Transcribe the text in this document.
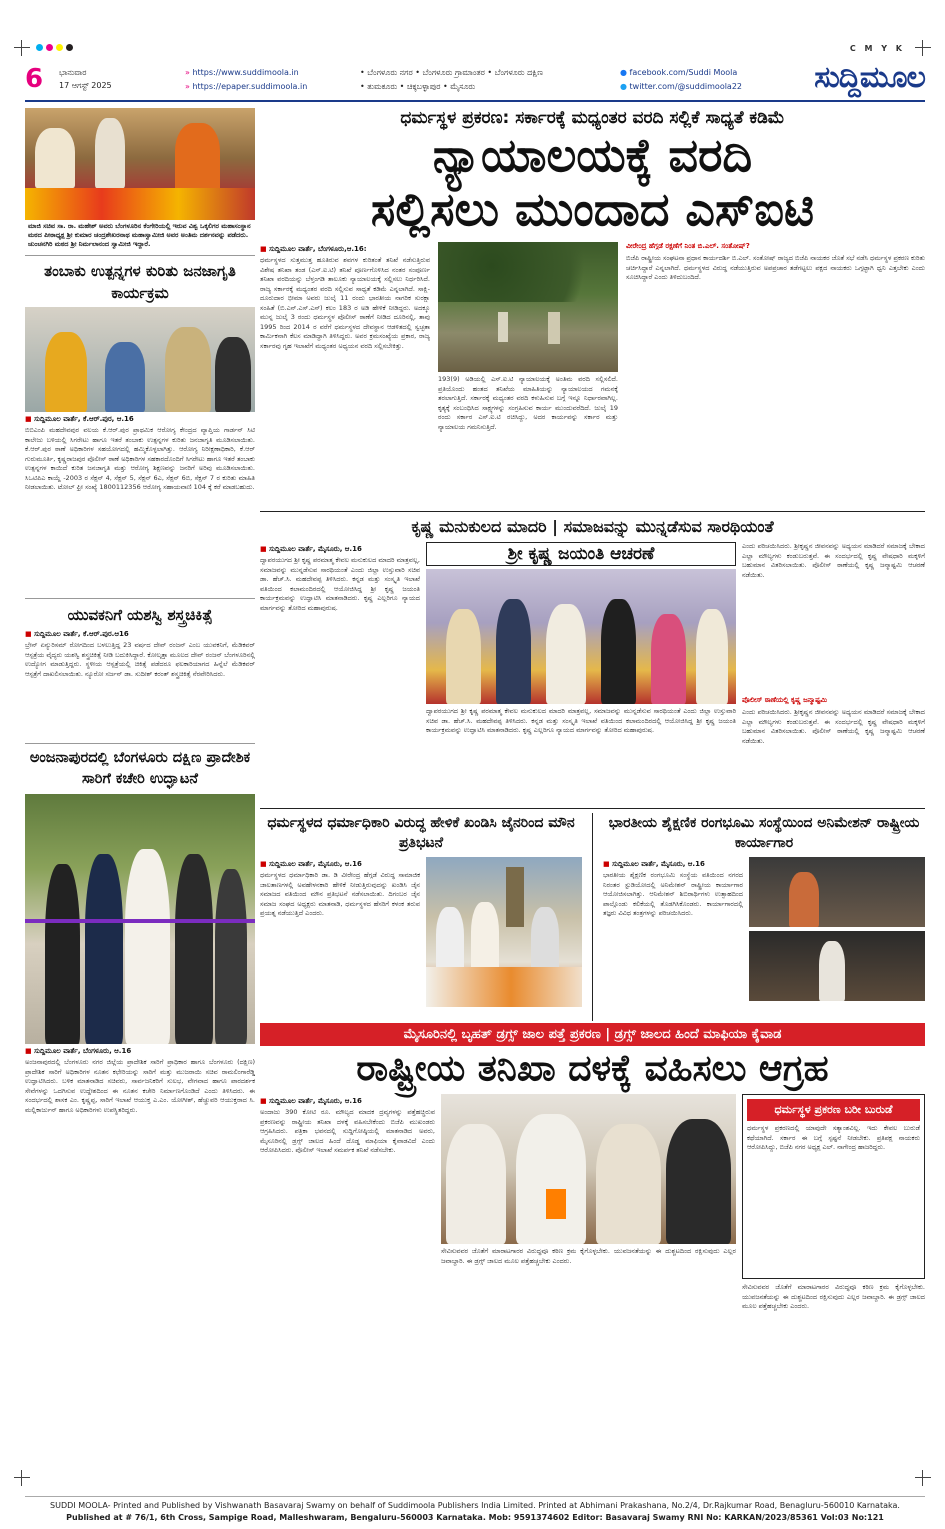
C M Y K
6 ಭಾನುವಾರ
17 ಆಗಸ್ಟ್ 2025
» https://www.suddimoola.in
» https://epaper.suddimoola.in
• ಬೆಂಗಳೂರು ನಗರ • ಬೆಂಗಳೂರು ಗ್ರಾಮಾಂತರ • ಬೆಂಗಳೂರು ದಕ್ಷಿಣ
• ತುಮಕೂರು • ಚಿಕ್ಕಬಳ್ಳಾಪುರ • ಮೈಸೂರು
● facebook.com/Suddi Moola
● twitter.com/@suddimoola22 ಸುದ್ದಿಮೂಲ
ಮಾಜಿ ಸಚಿವ ಸಾ. ರಾ. ಮಹೇಶ್ ಅವರು ಬೆಂಗಳೂರಿನ ಕೆಂಗೇರಿಯಲ್ಲಿ ಇರುವ ವಿಶ್ವ ಒಕ್ಕಲಿಗರ ಮಹಾಸಂಸ್ಥಾನ ಮಠದ ಪೀಠಾಧ್ಯಕ್ಷ ಶ್ರೀ ಕುಮಾರ ಚಂದ್ರಶೇಖರನಾಥ ಮಹಾಸ್ವಾಮೀಜಿ ಅವರ ಅಂತಿಮ ದರ್ಶನವನ್ನು ಪಡೆದರು. ಚುಂಚನಗಿರಿ ಮಠದ ಶ್ರೀ ನಿರ್ಮಲಾನಂದ ಸ್ವಾಮೀಜಿ ಇದ್ದಾರೆ.
ತಂಬಾಕು ಉತ್ಪನ್ನಗಳ ಕುರಿತು ಜನಜಾಗೃತಿ ಕಾರ್ಯಕ್ರಮ
■ ಸುದ್ದಿಮೂಲ ವಾರ್ತೆ, ಕೆ.ಆರ್.ಪುರ, ಆ.16
ಬಿಬಿಎಂಪಿ ಮಹದೇವಪುರ ವಲಯ ಕೆ.ಆರ್.ಪುರ ಪ್ರಾಥಮಿಕ ಆರೋಗ್ಯ ಕೇಂದ್ರದ ವ್ಯಾಪ್ತಿಯ ಗಾರ್ಡನ್ ಸಿಟಿ ಕಾಲೇಜು ಬಳಿಯಲ್ಲಿ ಸಿಗರೇಟು ಹಾಗೂ ಇತರೆ ತಂಬಾಕು ಉತ್ಪನ್ನಗಳ ಕುರಿತು ಜನಜಾಗೃತಿ ಮೂಡಿಸಲಾಯಿತು. ಕೆ.ಆರ್.ಪುರ ಠಾಣೆ ಅಧಿಕಾರಿಗಳ ಸಹಯೋಗದಲ್ಲಿ ಹಮ್ಮಿಕೊಳ್ಳಲಾಗಿತ್ತು. ಆರೋಗ್ಯ ನಿರೀಕ್ಷಣಾಧಿಕಾರಿ, ಕೆ.ಆರ್ ಗುರುಮೂರ್ತಿ, ಕೃಷ್ಣರಾಜಪುರ ಪೊಲೀಸ್ ಠಾಣೆ ಅಧಿಕಾರಿಗಳ ಸಹಕಾರದೊಂದಿಗೆ ಸಿಗರೇಟು ಹಾಗೂ ಇತರೆ ತಂಬಾಕು ಉತ್ಪನ್ನಗಳ ಕಾಯಿದೆ ಕುರಿತ ಜನಜಾಗೃತಿ ಮತ್ತು ಆರೋಗ್ಯ ಶಿಕ್ಷಣವನ್ನು ಜನರಿಗೆ ಅರಿವು ಮೂಡಿಸಲಾಯಿತು. ಸಿಒಟಿಪಿಎ ಕಾಯ್ದೆ -2003 ರ ಸೆಕ್ಷನ್ 4, ಸೆಕ್ಷನ್ 5, ಸೆಕ್ಷನ್ 6ಎ, ಸೆಕ್ಷನ್ 6ಬಿ, ಸೆಕ್ಷನ್ 7 ರ ಕುರಿತು ಮಾಹಿತಿ ನೀಡಲಾಯಿತು. ಟೋಲ್ ಫ್ರೀ ಸಂಖ್ಯೆ 1800112356 ಆರೋಗ್ಯ ಸಹಾಯವಾಣಿ 104 ಕ್ಕೆ ಕರೆ ಮಾಡಬಹುದು.
ಯುವಕನಿಗೆ ಯಶಸ್ವಿ ಶಸ್ತ್ರಚಿಕಿತ್ಸೆ
■ ಸುದ್ದಿಮೂಲ ವಾರ್ತೆ, ಕೆ.ಆರ್.ಪುರ.ಆ16
ಬ್ರೇನ್ ಏನ್ಯುರಿಸಮ್ ರೋಗದಿಂದ ಬಳಲುತ್ತಿದ್ದ 23 ವರ್ಷದ ದೇವ್ ರಂಜನ್ ಎಂಬ ಯುವಕನಿಗೆ, ಮೆಡಿಕವರ್ ಆಸ್ಪತ್ರೆಯ ವೈದ್ಯರು ಯಶಸ್ವಿ ಶಸ್ತ್ರಚಿಕಿತ್ಸೆ ನೀಡಿ ಬದುಕಿಸಿದ್ದಾರೆ. ಕೋಲ್ಕತ್ತಾ ಮೂಲದ ದೇವ್ ರಂಜನ್ ಬೆಂಗಳೂರಿನಲ್ಲಿ ಉದ್ಯೋಗ ಮಾಡುತ್ತಿದ್ದರು. ಸ್ಥಳೀಯ ಆಸ್ಪತ್ರೆಯಲ್ಲಿ ಚಿಕಿತ್ಸೆ ಪಡೆದರೂ ಫಲಕಾರಿಯಾಗದ ಹಿನ್ನೆಲೆ ಮೆಡಿಕವರ್ ಆಸ್ಪತ್ರೆಗೆ ದಾಖಲಿಸಲಾಯಿತು. ನ್ಯೂರೋ ಸರ್ಜನ್ ಡಾ. ಸುದೀಶ್ ಕರಂತ್ ಶಸ್ತ್ರಚಿಕಿತ್ಸೆ ನೆರವೇರಿಸಿದರು.
ಅಂಜನಾಪುರದಲ್ಲಿ ಬೆಂಗಳೂರು ದಕ್ಷಿಣ ಪ್ರಾದೇಶಿಕ ಸಾರಿಗೆ ಕಚೇರಿ ಉದ್ಘಾಟನೆ
■ ಸುದ್ದಿಮೂಲ ವಾರ್ತೆ, ಬೆಂಗಳೂರು, ಆ.16
ಅಂಜನಾಪುರದಲ್ಲಿ ಬೆಂಗಳೂರು ನಗರ ಜಿಲ್ಲೆಯ ಪ್ರಾದೇಶಿಕ ಸಾರಿಗೆ ಪ್ರಾಧಿಕಾರ ಹಾಗೂ ಬೆಂಗಳೂರು (ದಕ್ಷಿಣ) ಪ್ರಾದೇಶಿಕ ಸಾರಿಗೆ ಅಧಿಕಾರಿಗಳ ನೂತನ ಕಛೇರಿಯನ್ನು ಸಾರಿಗೆ ಮತ್ತು ಮುಜರಾಯಿ ಸಚಿವ ರಾಮಲಿಂಗಾರೆಡ್ಡಿ ಉದ್ಘಾಟಿಸಿದರು. ಬಳಿಕ ಮಾತನಾಡಿದ ಸಚಿವರು, ಸಾರ್ವಜನಿಕರಿಗೆ ಸುಲಭ, ವೇಗವಾದ ಹಾಗೂ ಪಾರದರ್ಶಕ ಸೇವೆಗಳನ್ನು ಒದಗಿಸುವ ಉದ್ದೇಶದಿಂದ ಈ ನೂತನ ಕಚೇರಿ ನಿರ್ಮಾಣಗೊಂಡಿದೆ ಎಂದು ತಿಳಿಸಿದರು. ಈ ಸಂದರ್ಭದಲ್ಲಿ ಶಾಸಕ ಎಂ. ಕೃಷ್ಣಪ್ಪ, ಸಾರಿಗೆ ಇಲಾಖೆ ಆಯುಕ್ತ ಎ.ಎಂ. ಯೋಗೀಶ್, ಹೆಚ್ಚುವರಿ ಆಯುಕ್ತರಾದ ಸಿ. ಮಲ್ಲಿಕಾರ್ಜುನ್ ಹಾಗೂ ಅಧಿಕಾರಿಗಳು ಉಪಸ್ಥಿತರಿದ್ದರು.
ಧರ್ಮಸ್ಥಳ ಪ್ರಕರಣ: ಸರ್ಕಾರಕ್ಕೆ ಮಧ್ಯಂತರ ವರದಿ ಸಲ್ಲಿಕೆ ಸಾಧ್ಯತೆ ಕಡಿಮೆ
ನ್ಯಾಯಾಲಯಕ್ಕೆ ವರದಿ
ಸಲ್ಲಿಸಲು ಮುಂದಾದ ಎಸ್‌ಐಟಿ
■ ಸುದ್ದಿಮೂಲ ವಾರ್ತೆ, ಬೆಂಗಳೂರು,ಆ.16:
ಧರ್ಮಸ್ಥಳದ ಸುತ್ತಮುತ್ತ ಹೂತಿರುವ ಶವಗಳ ಕುರಿತಂತೆ ತನಿಖೆ ನಡೆಸುತ್ತಿರುವ ವಿಶೇಷ ತನಿಖಾ ತಂಡ (ಎಸ್.ಐ.ಟಿ) ತನಿಖೆ ಪೂರ್ಣಗೊಳಿಸಿದ ನಂತರ ಸಂಪೂರ್ಣ ತನಿಖಾ ವರದಿಯನ್ನು ಬೆಳ್ತಂಗಡಿ ತಾಲೂಕು ನ್ಯಾಯಾಲಯಕ್ಕೆ ಸಲ್ಲಿಸಲು ನಿರ್ಧರಿಸಿದೆ. ರಾಜ್ಯ ಸರ್ಕಾರಕ್ಕೆ ಮಧ್ಯಂತರ ವರದಿ ಸಲ್ಲಿಸುವ ಸಾಧ್ಯತೆ ಕಡಿಮೆ ಎನ್ನಲಾಗಿದೆ. ಸಾಕ್ಷಿ-ದೂರುದಾರ ಭೀಮಾ ಅವರು ಜುಲೈ 11 ರಂದು ಭಾರತೀಯ ನಾಗರಿಕ ಸುರಕ್ಷಾ ಸಂಹಿತೆ (ಬಿ.ಎನ್.ಎಸ್.ಎಸ್) ಕಲಂ 183 ರ ಅಡಿ ಹೇಳಿಕೆ ನೀಡಿದ್ದರು. ಅದಕ್ಕೂ ಮುನ್ನ ಜುಲೈ 3 ರಂದು ಧರ್ಮಸ್ಥಳ ಪೊಲೀಸ್ ಠಾಣೆಗೆ ನೀಡಿದ ದೂರಿನಲ್ಲಿ, ತಾವು 1995 ರಿಂದ 2014 ರ ವರೆಗೆ ಧರ್ಮಸ್ಥಳದ ದೇವಸ್ಥಾನ ಆಡಳಿತದಲ್ಲಿ ಸ್ವಚ್ಛತಾ ಕಾರ್ಮಿಕನಾಗಿ ಕೆಲಸ ಮಾಡಿದ್ದಾಗಿ ತಿಳಿಸಿದ್ದರು. ಅವರ ಕ್ರಮಸಂಖ್ಯೆಯ ಪ್ರಕಾರ, ರಾಜ್ಯ ಸರ್ಕಾರವು ಗೃಹ ಇಲಾಖೆಗೆ ಮಧ್ಯಂತರ ಅಧ್ಯಯನ ವರದಿ ಸಲ್ಲಿಸಬೇಕಿತ್ತು.
193(9) ಅಡಿಯಲ್ಲಿ ಎಸ್.ಐ.ಟಿ ನ್ಯಾಯಾಲಯಕ್ಕೆ ಅಂತಿಮ ವರದಿ ಸಲ್ಲಿಸಲಿದೆ. ಪ್ರತಿಯೊಂದು ಹಂತದ ತನಿಖೆಯ ಮಾಹಿತಿಯನ್ನು ನ್ಯಾಯಾಲಯದ ಗಮನಕ್ಕೆ ತರಲಾಗುತ್ತಿದೆ. ಸರ್ಕಾರಕ್ಕೆ ಮಧ್ಯಂತರ ವರದಿ ಕಳುಹಿಸುವ ಬಗ್ಗೆ ಇನ್ನೂ ನಿರ್ಧಾರವಾಗಿಲ್ಲ. ಕೃತ್ಯಕ್ಕೆ ಸಂಬಂಧಿಸಿದ ಸಾಕ್ಷ್ಯಗಳನ್ನು ಸಂಗ್ರಹಿಸುವ ಕಾರ್ಯ ಮುಂದುವರೆದಿದೆ. ಜುಲೈ 19 ರಂದು ಸರ್ಕಾರ ಎಸ್.ಐ.ಟಿ ರಚಿಸಿದ್ದು, ಅದರ ಕಾರ್ಯವನ್ನು ಸರ್ಕಾರ ಮತ್ತು ನ್ಯಾಯಾಲಯ ಗಮನಿಸುತ್ತಿದೆ.
ವೀರೇಂದ್ರ ಹೆಗ್ಗಡೆ ರಕ್ಷಣೆಗೆ ನಿಂತ ಬಿ.ಎಲ್. ಸಂತೋಷ್?
ಬಿಜೆಪಿ ರಾಷ್ಟ್ರೀಯ ಸಂಘಟನಾ ಪ್ರಧಾನ ಕಾರ್ಯದರ್ಶಿ ಬಿ.ಎಲ್. ಸಂತೋಷ್ ರಾಜ್ಯದ ಬಿಜೆಪಿ ನಾಯಕರ ಜೊತೆ ಸಭೆ ನಡೆಸಿ ಧರ್ಮಸ್ಥಳ ಪ್ರಕರಣ ಕುರಿತು ಚರ್ಚಿಸಿದ್ದಾರೆ ಎನ್ನಲಾಗಿದೆ. ಧರ್ಮಸ್ಥಳದ ವಿರುದ್ಧ ನಡೆಯುತ್ತಿರುವ ಅಪಪ್ರಚಾರ ತಡೆಗಟ್ಟಲು ಪಕ್ಷದ ನಾಯಕರು ಒಗ್ಗಟ್ಟಾಗಿ ಧ್ವನಿ ಎತ್ತಬೇಕು ಎಂದು ಸೂಚಿಸಿದ್ದಾರೆ ಎಂದು ತಿಳಿದುಬಂದಿದೆ.
ಕೃಷ್ಣ ಮನುಕುಲದ ಮಾದರಿ | ಸಮಾಜವನ್ನು ಮುನ್ನಡೆಸುವ ಸಾರಥಿಯಂತೆ
■ ಸುದ್ದಿಮೂಲ ವಾರ್ತೆ, ಮೈಸೂರು, ಆ.16
ದ್ವಾಪರಯುಗದ ಶ್ರೀ ಕೃಷ್ಣ ಪರಮಾತ್ಮ ಕೇವಲ ಮನುಕುಲದ ಮಾದರಿ ಮಾತ್ರವಲ್ಲ, ಸಮಾಜವನ್ನು ಮುನ್ನಡೆಸುವ ಸಾರಥಿಯಂತೆ ಎಂದು ಜಿಲ್ಲಾ ಉಸ್ತುವಾರಿ ಸಚಿವ ಡಾ. ಹೆಚ್.ಸಿ. ಮಹದೇವಪ್ಪ ತಿಳಿಸಿದರು. ಕನ್ನಡ ಮತ್ತು ಸಂಸ್ಕೃತಿ ಇಲಾಖೆ ವತಿಯಿಂದ ಕಲಾಮಂದಿರದಲ್ಲಿ ಆಯೋಜಿಸಿದ್ದ ಶ್ರೀ ಕೃಷ್ಣ ಜಯಂತಿ ಕಾರ್ಯಕ್ರಮವನ್ನು ಉದ್ಘಾಟಿಸಿ ಮಾತನಾಡಿದರು. ಕೃಷ್ಣ ಎಲ್ಲರಿಗೂ ನ್ಯಾಯದ ಮಾರ್ಗವನ್ನು ತೋರಿದ ಮಹಾಪುರುಷ.
ಶ್ರೀ ಕೃಷ್ಣ ಜಯಂತಿ ಆಚರಣೆ
ದ್ವಾಪರಯುಗದ ಶ್ರೀ ಕೃಷ್ಣ ಪರಮಾತ್ಮ ಕೇವಲ ಮನುಕುಲದ ಮಾದರಿ ಮಾತ್ರವಲ್ಲ, ಸಮಾಜವನ್ನು ಮುನ್ನಡೆಸುವ ಸಾರಥಿಯಂತೆ ಎಂದು ಜಿಲ್ಲಾ ಉಸ್ತುವಾರಿ ಸಚಿವ ಡಾ. ಹೆಚ್.ಸಿ. ಮಹದೇವಪ್ಪ ತಿಳಿಸಿದರು. ಕನ್ನಡ ಮತ್ತು ಸಂಸ್ಕೃತಿ ಇಲಾಖೆ ವತಿಯಿಂದ ಕಲಾಮಂದಿರದಲ್ಲಿ ಆಯೋಜಿಸಿದ್ದ ಶ್ರೀ ಕೃಷ್ಣ ಜಯಂತಿ ಕಾರ್ಯಕ್ರಮವನ್ನು ಉದ್ಘಾಟಿಸಿ ಮಾತನಾಡಿದರು. ಕೃಷ್ಣ ಎಲ್ಲರಿಗೂ ನ್ಯಾಯದ ಮಾರ್ಗವನ್ನು ತೋರಿದ ಮಹಾಪುರುಷ.
ಎಂದು ಪರಿಚಯಿಸಿದರು. ಶ್ರೀಕೃಷ್ಣನ ಜೀವನವನ್ನು ಅಧ್ಯಯನ ಮಾಡಿದರೆ ಸಮಾಜಕ್ಕೆ ಬೇಕಾದ ಎಲ್ಲಾ ಮೌಲ್ಯಗಳು ಕಂಡುಬರುತ್ತವೆ. ಈ ಸಂದರ್ಭದಲ್ಲಿ ಕೃಷ್ಣ ವೇಷಧಾರಿ ಮಕ್ಕಳಿಗೆ ಬಹುಮಾನ ವಿತರಿಸಲಾಯಿತು. ಪೊಲೀಸ್ ಠಾಣೆಯಲ್ಲಿ ಕೃಷ್ಣ ಜನ್ಮಾಷ್ಟಮಿ ಆಚರಣೆ ನಡೆಯಿತು.
ಪೊಲೀಸ್ ಠಾಣೆಯಲ್ಲಿ ಕೃಷ್ಣ ಜನ್ಮಾಷ್ಟಮಿ
ಎಂದು ಪರಿಚಯಿಸಿದರು. ಶ್ರೀಕೃಷ್ಣನ ಜೀವನವನ್ನು ಅಧ್ಯಯನ ಮಾಡಿದರೆ ಸಮಾಜಕ್ಕೆ ಬೇಕಾದ ಎಲ್ಲಾ ಮೌಲ್ಯಗಳು ಕಂಡುಬರುತ್ತವೆ. ಈ ಸಂದರ್ಭದಲ್ಲಿ ಕೃಷ್ಣ ವೇಷಧಾರಿ ಮಕ್ಕಳಿಗೆ ಬಹುಮಾನ ವಿತರಿಸಲಾಯಿತು. ಪೊಲೀಸ್ ಠಾಣೆಯಲ್ಲಿ ಕೃಷ್ಣ ಜನ್ಮಾಷ್ಟಮಿ ಆಚರಣೆ ನಡೆಯಿತು.
ಧರ್ಮಸ್ಥಳದ ಧರ್ಮಾಧಿಕಾರಿ ವಿರುದ್ಧ ಹೇಳಿಕೆ ಖಂಡಿಸಿ ಜೈನರಿಂದ ಮೌನ ಪ್ರತಿಭಟನೆ
■ ಸುದ್ದಿಮೂಲ ವಾರ್ತೆ, ಮೈಸೂರು, ಆ.16
ಧರ್ಮಸ್ಥಳದ ಧರ್ಮಾಧಿಕಾರಿ ಡಾ. ಡಿ ವೀರೇಂದ್ರ ಹೆಗ್ಗಡೆ ವಿರುದ್ಧ ಸಾಮಾಜಿಕ ಜಾಲತಾಣಗಳಲ್ಲಿ ಅವಹೇಳನಕಾರಿ ಹೇಳಿಕೆ ನೀಡುತ್ತಿರುವುದನ್ನು ಖಂಡಿಸಿ ಜೈನ ಸಮಾಜದ ವತಿಯಿಂದ ಮೌನ ಪ್ರತಿಭಟನೆ ನಡೆಸಲಾಯಿತು. ದಿಗಂಬರ ಜೈನ ಸಮಾಜ ಸಂಘದ ಅಧ್ಯಕ್ಷರು ಮಾತನಾಡಿ, ಧರ್ಮಸ್ಥಳದ ಹೆಸರಿಗೆ ಕಳಂಕ ತರುವ ಪ್ರಯತ್ನ ನಡೆಯುತ್ತಿದೆ ಎಂದರು.
ಭಾರತೀಯ ಶೈಕ್ಷಣಿಕ ರಂಗಭೂಮಿ ಸಂಸ್ಥೆಯಿಂದ ಅನಿಮೇಶನ್ ರಾಷ್ಟ್ರೀಯ ಕಾರ್ಯಾಗಾರ
■ ಸುದ್ದಿಮೂಲ ವಾರ್ತೆ, ಮೈಸೂರು, ಆ.16
ಭಾರತೀಯ ಶೈಕ್ಷಣಿಕ ರಂಗಭೂಮಿ ಸಂಸ್ಥೆಯ ವತಿಯಿಂದ ನಗರದ ನಿರಂತರ ಸ್ಟುಡಿಯೋದಲ್ಲಿ ಅನಿಮೇಶನ್ ರಾಷ್ಟ್ರೀಯ ಕಾರ್ಯಾಗಾರ ಆಯೋಜಿಸಲಾಗಿತ್ತು. ಆನಿಮೇಶನ್ ಶಿಬಿರಾರ್ಥಿಗಳು ಉತ್ಸಾಹದಿಂದ ಪಾಲ್ಗೊಂಡು ಕಲಿಕೆಯಲ್ಲಿ ತೊಡಗಿಸಿಕೊಂಡರು. ಕಾರ್ಯಾಗಾರದಲ್ಲಿ ತಜ್ಞರು ವಿವಿಧ ತಂತ್ರಗಳನ್ನು ಪರಿಚಯಿಸಿದರು.
ಮೈಸೂರಿನಲ್ಲಿ ಬೃಹತ್ ಡ್ರಗ್ಸ್ ಜಾಲ ಪತ್ತೆ ಪ್ರಕರಣ | ಡ್ರಗ್ಸ್ ಜಾಲದ ಹಿಂದೆ ಮಾಫಿಯಾ ಕೈವಾಡ
ರಾಷ್ಟ್ರೀಯ ತನಿಖಾ ದಳಕ್ಕೆ ವಹಿಸಲು ಆಗ್ರಹ
■ ಸುದ್ದಿಮೂಲ ವಾರ್ತೆ, ಮೈಸೂರು, ಆ.16
ಅಂದಾಜು 390 ಕೋಟಿ ರೂ. ಮೌಲ್ಯದ ಮಾದಕ ದ್ರವ್ಯಗಳನ್ನು ಪತ್ತೆಹಚ್ಚಿರುವ ಪ್ರಕರಣವನ್ನು ರಾಷ್ಟ್ರೀಯ ತನಿಖಾ ದಳಕ್ಕೆ ವಹಿಸಬೇಕೆಂದು ಬಿಜೆಪಿ ಮುಖಂಡರು ಆಗ್ರಹಿಸಿದರು. ಪತ್ರಿಕಾ ಭವನದಲ್ಲಿ ಸುದ್ದಿಗೋಷ್ಠಿಯಲ್ಲಿ ಮಾತನಾಡಿದ ಅವರು, ಮೈಸೂರಿನಲ್ಲಿ ಡ್ರಗ್ಸ್ ಜಾಲದ ಹಿಂದೆ ದೊಡ್ಡ ಮಾಫಿಯಾ ಕೈವಾಡವಿದೆ ಎಂದು ಆರೋಪಿಸಿದರು. ಪೊಲೀಸ್ ಇಲಾಖೆ ಸಮರ್ಪಕ ತನಿಖೆ ನಡೆಸಬೇಕು.
ಸೇವಿಸುವವರ ಜೊತೆಗೆ ಮಾರಾಟಗಾರರ ವಿರುದ್ಧವೂ ಕಠಿಣ ಕ್ರಮ ಕೈಗೊಳ್ಳಬೇಕು. ಯುವಜನತೆಯನ್ನು ಈ ದುಶ್ಚಟದಿಂದ ರಕ್ಷಿಸುವುದು ಎಲ್ಲರ ಜವಾಬ್ದಾರಿ. ಈ ಡ್ರಗ್ಸ್ ಜಾಲದ ಮೂಲ ಪತ್ತೆಹಚ್ಚಬೇಕು ಎಂದರು.
ಧರ್ಮಸ್ಥಳ ಪ್ರಕರಣ ಬರೀ ಬುರುಡೆ
ಧರ್ಮಸ್ಥಳ ಪ್ರಕರಣದಲ್ಲಿ ಯಾವುದೇ ಸತ್ಯಾಂಶವಿಲ್ಲ. ಇದು ಕೇವಲ ಬುರುಡೆ ಕಥೆಯಾಗಿದೆ. ಸರ್ಕಾರ ಈ ಬಗ್ಗೆ ಸ್ಪಷ್ಟನೆ ನೀಡಬೇಕು. ಪ್ರತಿಪಕ್ಷ ನಾಯಕರು ಆರೋಪಿಸಿದ್ದು, ಬಿಜೆಪಿ ನಗರ ಅಧ್ಯಕ್ಷ ಎಲ್. ನಾಗೇಂದ್ರ ಹಾಜರಿದ್ದರು.
ಸೇವಿಸುವವರ ಜೊತೆಗೆ ಮಾರಾಟಗಾರರ ವಿರುದ್ಧವೂ ಕಠಿಣ ಕ್ರಮ ಕೈಗೊಳ್ಳಬೇಕು. ಯುವಜನತೆಯನ್ನು ಈ ದುಶ್ಚಟದಿಂದ ರಕ್ಷಿಸುವುದು ಎಲ್ಲರ ಜವಾಬ್ದಾರಿ. ಈ ಡ್ರಗ್ಸ್ ಜಾಲದ ಮೂಲ ಪತ್ತೆಹಚ್ಚಬೇಕು ಎಂದರು.
SUDDI MOOLA- Printed and Published by Vishwanath Basavaraj Swamy on behalf of Suddimoola Publishers India Limited. Printed at Abhimani Prakashana, No.2/4, Dr.Rajkumar Road, Benagluru-560010 Karnataka.
Published at # 76/1, 6th Cross, Sampige Road, Malleshwaram, Bengaluru-560003 Karnataka. Mob: 9591374602 Editor: Basavaraj Swamy RNI No: KARKAN/2023/85361 Vol:03 No:121
